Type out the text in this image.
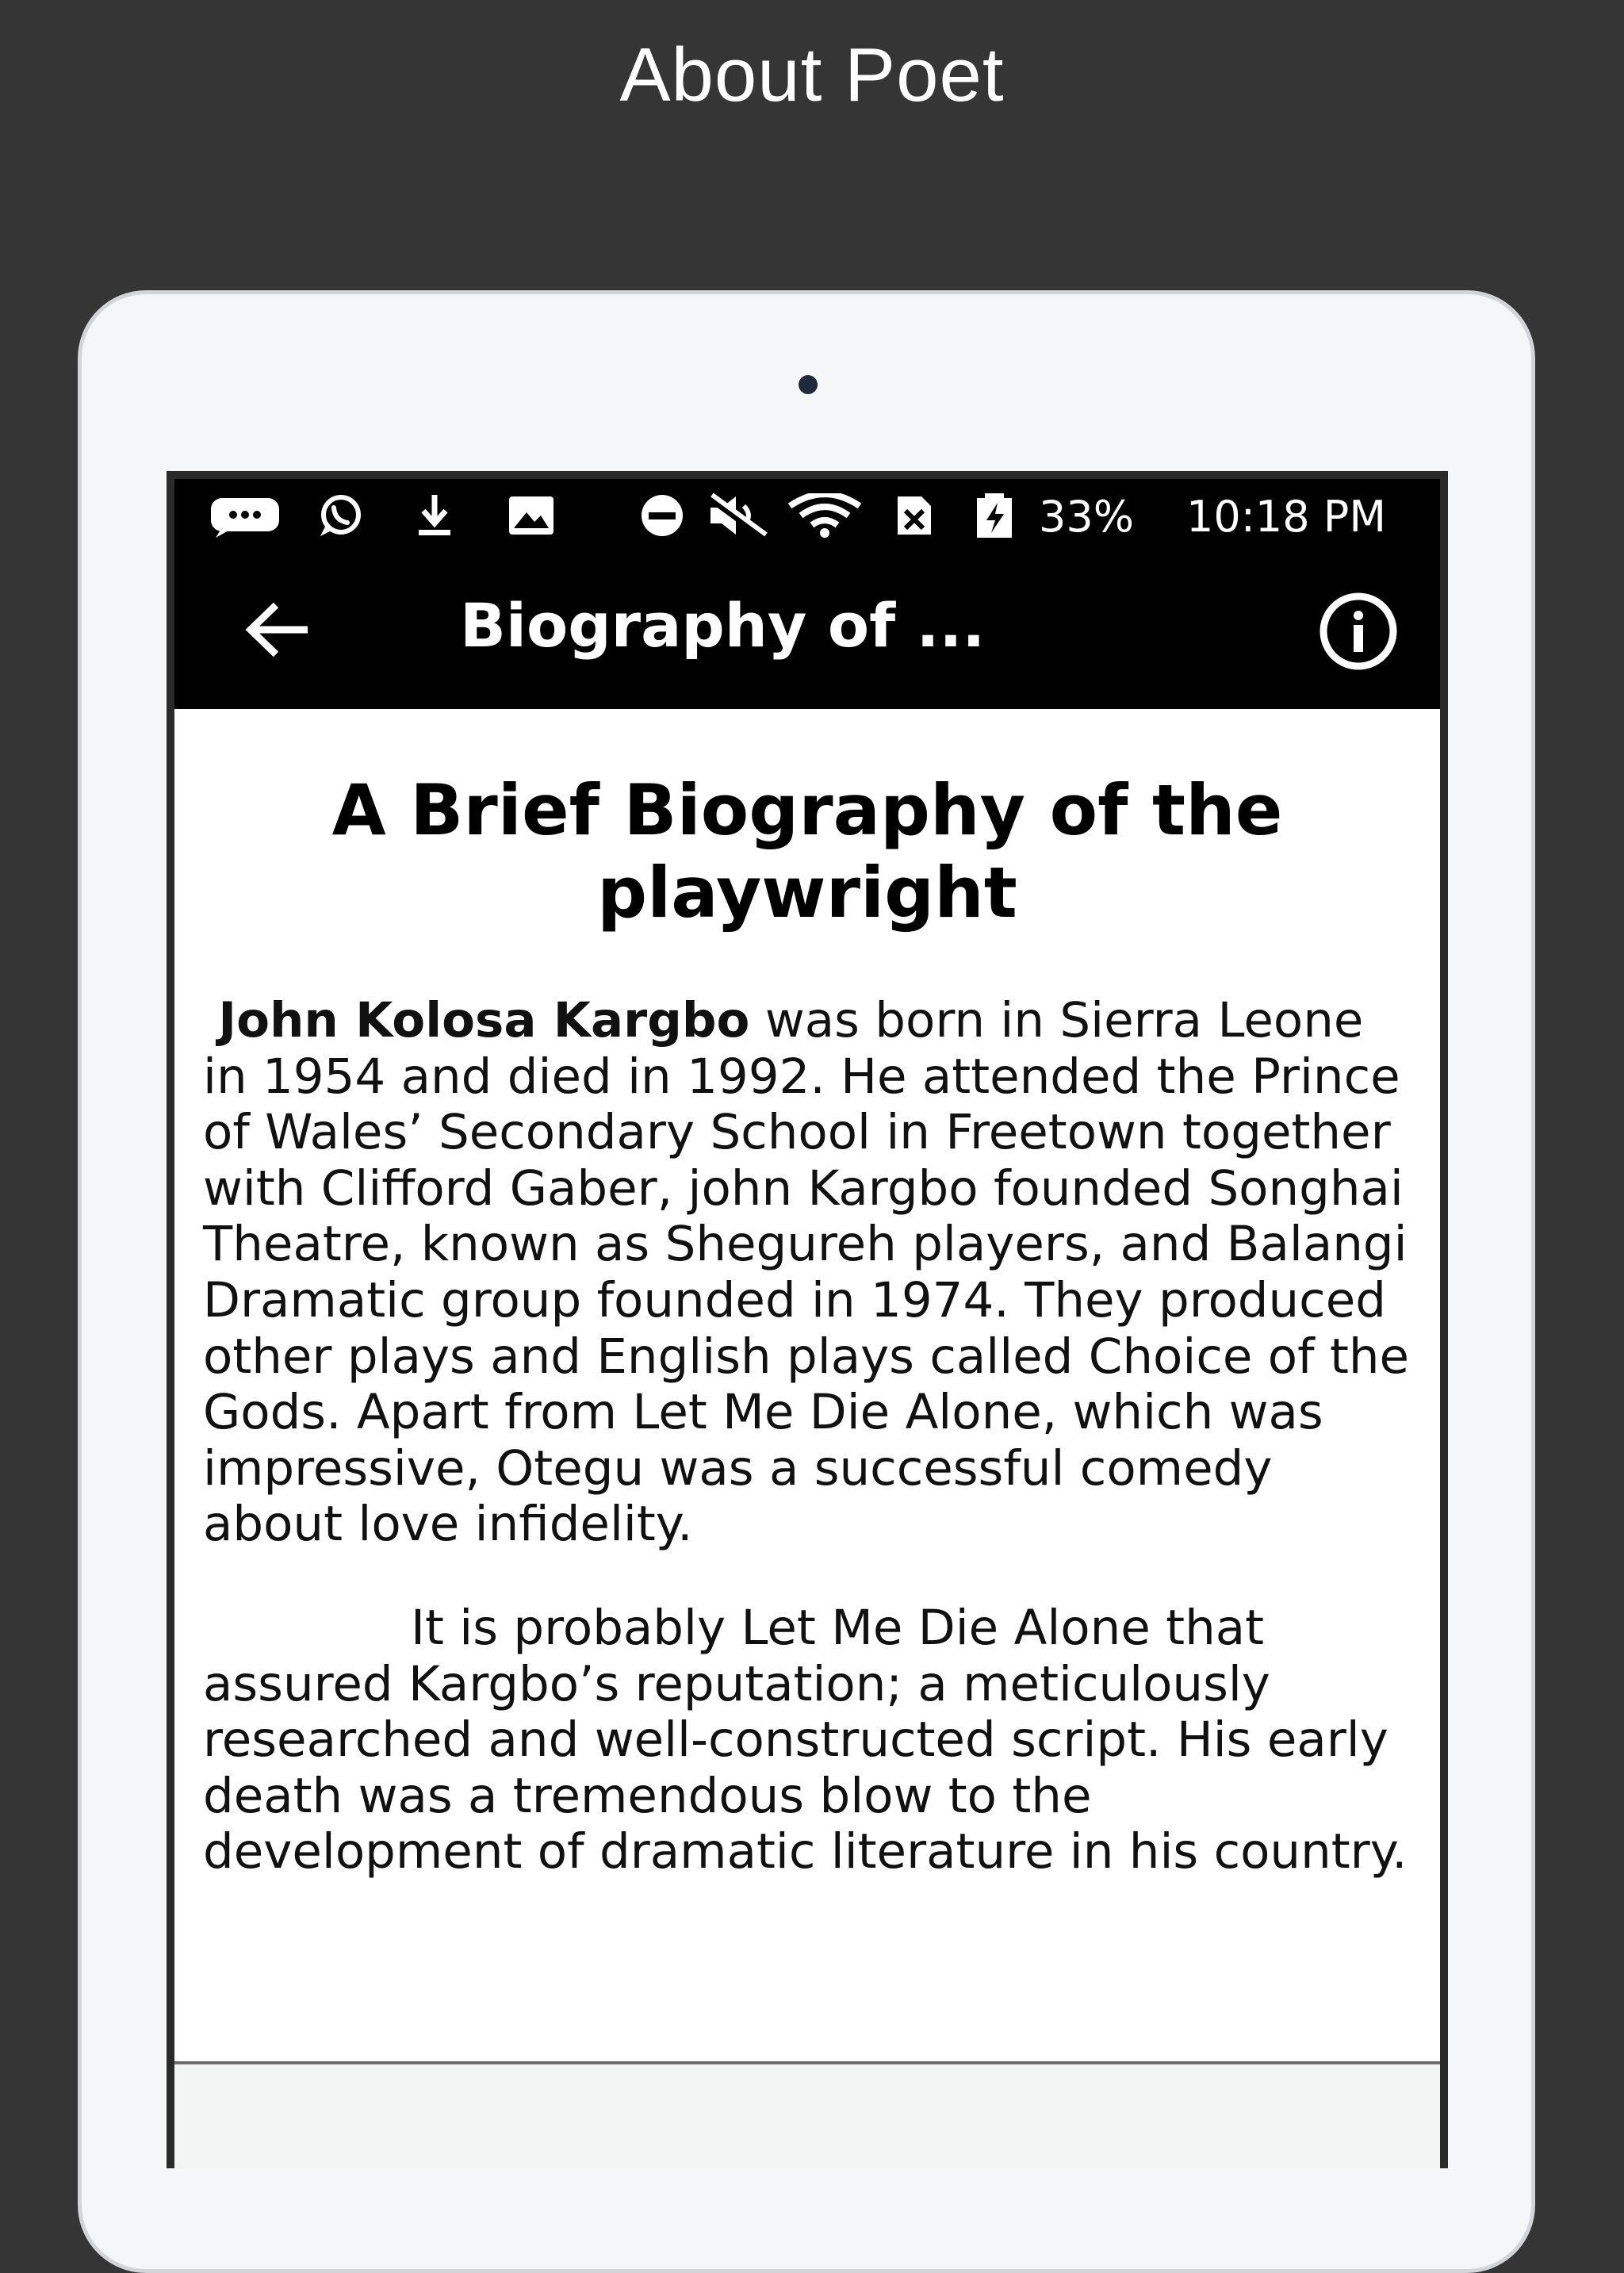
About Poet
33% 10:18 PM
Biography of ...
A Brief Biography of the playwright
John Kolosa Kargbo was born in Sierra Leone in 1954 and died in 1992. He attended the Prince of Wales’ Secondary School in Freetown together with Clifford Gaber, john Kargbo founded Songhai Theatre, known as Shegureh players, and Balangi Dramatic group founded in 1974. They produced other plays and English plays called Choice of the Gods. Apart from Let Me Die Alone, which was impressive, Otegu was a successful comedy about love infidelity.
It is probably Let Me Die Alone that assured Kargbo’s reputation; a meticulously researched and well-constructed script. His early death was a tremendous blow to the development of dramatic literature in his country.
